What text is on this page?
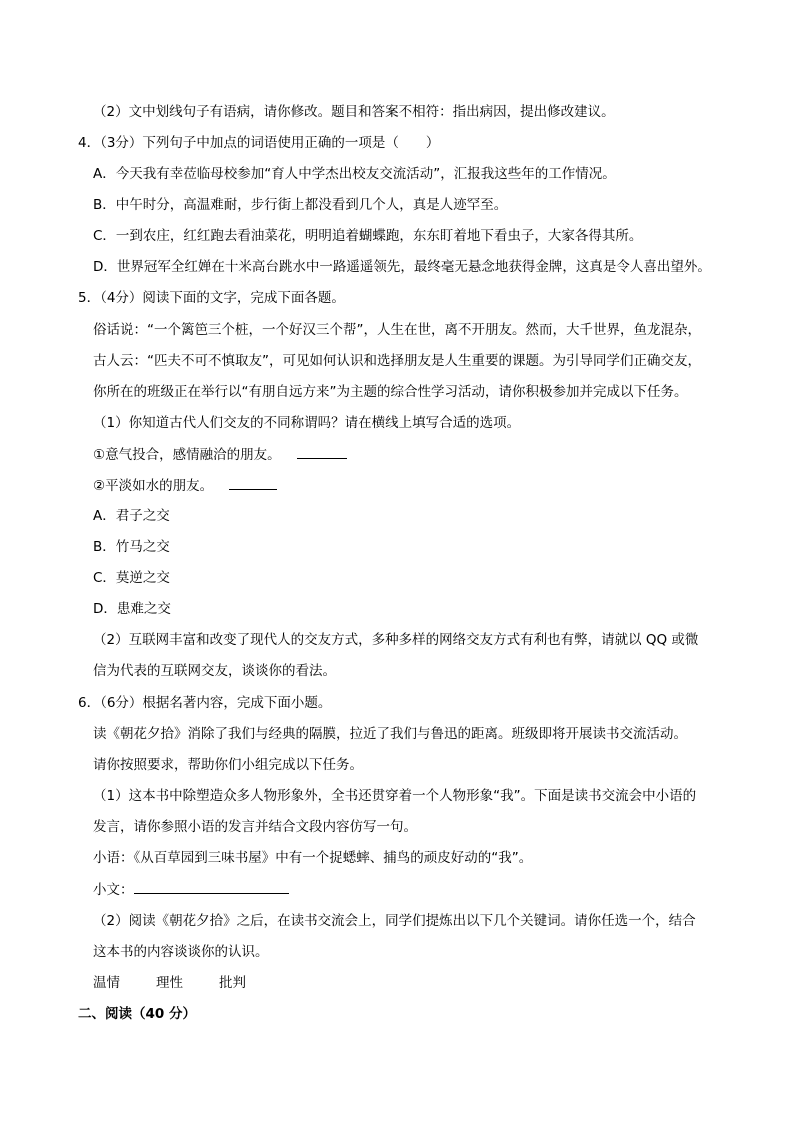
（2）文中划线句子有语病，请你修改。题目和答案不相符：指出病因，提出修改建议。
4．（3分）下列句子中加点的词语使用正确的一项是（　　）
A．今天我有幸莅临母校参加“育人中学杰出校友交流活动”，汇报我这些年的工作情况。
B．中午时分，高温难耐，步行街上都没看到几个人，真是人迹罕至。
C．一到农庄，红红跑去看油菜花，明明追着蝴蝶跑，东东盯着地下看虫子，大家各得其所。
D．世界冠军全红婵在十米高台跳水中一路遥遥领先，最终毫无悬念地获得金牌，这真是令人喜出望外。
5．（4分）阅读下面的文字，完成下面各题。
俗话说：“一个篱笆三个桩，一个好汉三个帮”，人生在世，离不开朋友。然而，大千世界，鱼龙混杂，
古人云：“匹夫不可不慎取友”，可见如何认识和选择朋友是人生重要的课题。为引导同学们正确交友，
你所在的班级正在举行以“有朋自远方来”为主题的综合性学习活动，请你积极参加并完成以下任务。
（1）你知道古代人们交友的不同称谓吗？请在横线上填写合适的选项。
①意气投合，感情融洽的朋友。
②平淡如水的朋友。
A．君子之交
B．竹马之交
C．莫逆之交
D．患难之交
（2）互联网丰富和改变了现代人的交友方式，多种多样的网络交友方式有利也有弊，请就以 QQ 或微
信为代表的互联网交友，谈谈你的看法。
6．（6分）根据名著内容，完成下面小题。
读《朝花夕拾》消除了我们与经典的隔膜，拉近了我们与鲁迅的距离。班级即将开展读书交流活动。
请你按照要求，帮助你们小组完成以下任务。
（1）这本书中除塑造众多人物形象外，全书还贯穿着一个人物形象“我”。下面是读书交流会中小语的
发言，请你参照小语的发言并结合文段内容仿写一句。
小语：《从百草园到三味书屋》中有一个捉蟋蟀、捕鸟的顽皮好动的“我”。
小文：
（2）阅读《朝花夕拾》之后，在读书交流会上，同学们提炼出以下几个关键词。请你任选一个，结合
这本书的内容谈谈你的认识。
温情	理性	批判
二、阅读（40 分）
